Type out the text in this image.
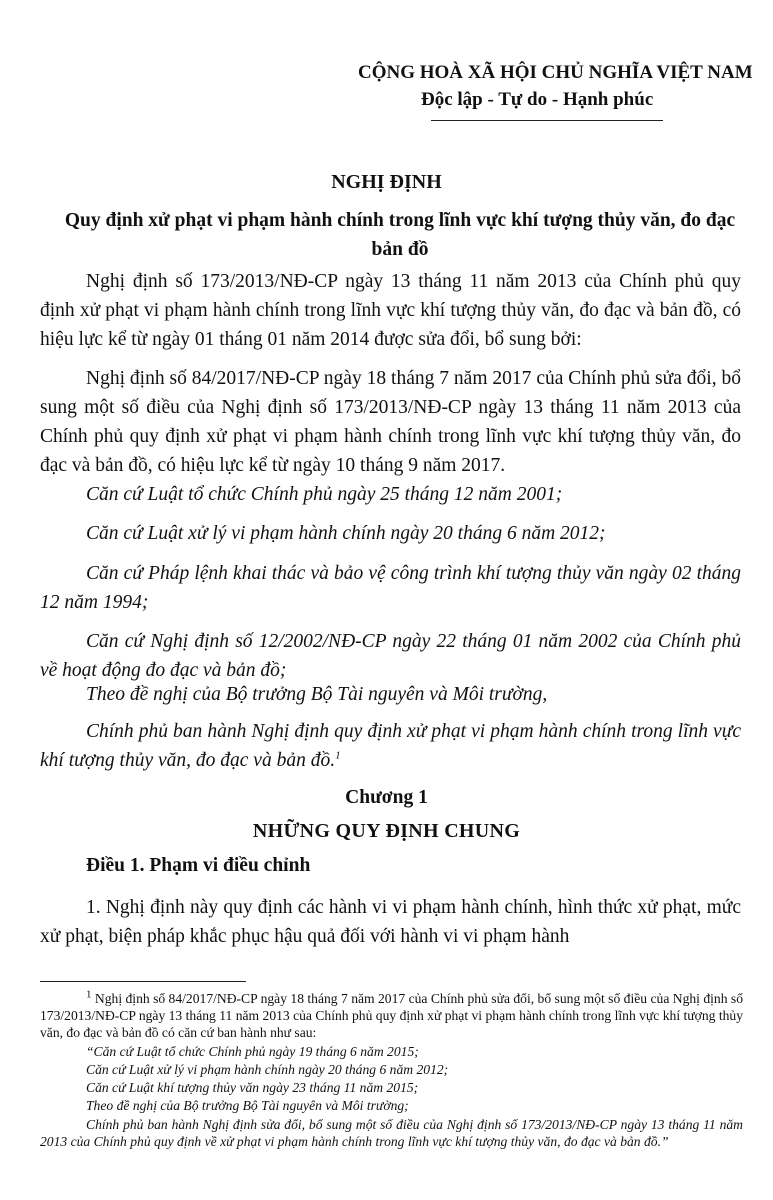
CỘNG HOÀ XÃ HỘI CHỦ NGHĨA VIỆT NAM
Độc lập - Tự do - Hạnh phúc
NGHỊ ĐỊNH
Quy định xử phạt vi phạm hành chính trong lĩnh vực khí tượng thủy văn, đo đạc bản đồ
Nghị định số 173/2013/NĐ-CP ngày 13 tháng 11 năm 2013 của Chính phủ quy định xử phạt vi phạm hành chính trong lĩnh vực khí tượng thủy văn, đo đạc và bản đồ, có hiệu lực kể từ ngày 01 tháng 01 năm 2014 được sửa đổi, bổ sung bởi:
Nghị định số 84/2017/NĐ-CP ngày 18 tháng 7 năm 2017 của Chính phủ sửa đổi, bổ sung một số điều của Nghị định số 173/2013/NĐ-CP ngày 13 tháng 11 năm 2013 của Chính phủ quy định xử phạt vi phạm hành chính trong lĩnh vực khí tượng thủy văn, đo đạc và bản đồ, có hiệu lực kể từ ngày 10 tháng 9 năm 2017.
Căn cứ Luật tổ chức Chính phủ ngày 25 tháng 12 năm 2001;
Căn cứ Luật xử lý vi phạm hành chính ngày 20 tháng 6 năm 2012;
Căn cứ Pháp lệnh khai thác và bảo vệ công trình khí tượng thủy văn ngày 02 tháng 12 năm 1994;
Căn cứ Nghị định số 12/2002/NĐ-CP ngày 22 tháng 01 năm 2002 của Chính phủ về hoạt động đo đạc và bản đồ;
Theo đề nghị của Bộ trưởng Bộ Tài nguyên và Môi trường,
Chính phủ ban hành Nghị định quy định xử phạt vi phạm hành chính trong lĩnh vực khí tượng thủy văn, đo đạc và bản đồ.$^1$
Chương 1
NHỮNG QUY ĐỊNH CHUNG
Điều 1. Phạm vi điều chỉnh
1. Nghị định này quy định các hành vi vi phạm hành chính, hình thức xử phạt, mức xử phạt, biện pháp khắc phục hậu quả đối với hành vi vi phạm hành
$^1$ Nghị định số 84/2017/NĐ-CP ngày 18 tháng 7 năm 2017 của Chính phủ sửa đổi, bổ sung một số điều của Nghị định số 173/2013/NĐ-CP ngày 13 tháng 11 năm 2013 của Chính phủ quy định xử phạt vi phạm hành chính trong lĩnh vực khí tượng thủy văn, đo đạc và bản đồ có căn cứ ban hành như sau:
“Căn cứ Luật tổ chức Chính phủ ngày 19 tháng 6 năm 2015;
Căn cứ Luật xử lý vi phạm hành chính ngày 20 tháng 6 năm 2012;
Căn cứ Luật khí tượng thủy văn ngày 23 tháng 11 năm 2015;
Theo đề nghị của Bộ trưởng Bộ Tài nguyên và Môi trường;
Chính phủ ban hành Nghị định sửa đổi, bổ sung một số điều của Nghị định số 173/2013/NĐ-CP ngày 13 tháng 11 năm 2013 của Chính phủ quy định về xử phạt vi phạm hành chính trong lĩnh vực khí tượng thủy văn, đo đạc và bản đồ.”
